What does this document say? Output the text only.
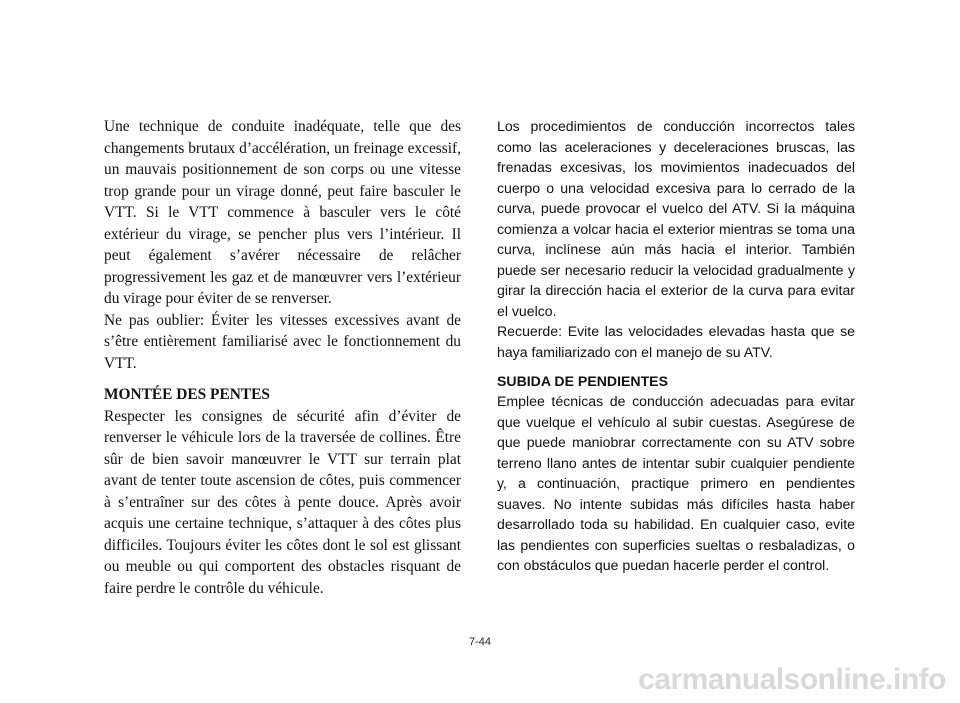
Une technique de conduite inadéquate, telle que des changements brutaux d’accélération, un freinage excessif, un mauvais positionnement de son corps ou une vitesse trop grande pour un virage donné, peut faire basculer le VTT. Si le VTT commence à basculer vers le côté extérieur du virage, se pencher plus vers l’intérieur. Il peut également s’avérer nécessaire de relâcher progressivement les gaz et de manœuvrer vers l’extérieur du virage pour éviter de se renverser.

Ne pas oublier: Éviter les vitesses excessives avant de s’être entièrement familiarisé avec le fonctionnement du VTT.

MONTÉE DES PENTES

Respecter les consignes de sécurité afin d’éviter de renverser le véhicule lors de la traversée de collines. Être sûr de bien savoir manœuvrer le VTT sur terrain plat avant de tenter toute ascension de côtes, puis commencer à s’entraîner sur des côtes à pente douce. Après avoir acquis une certaine technique, s’attaquer à des côtes plus difficiles. Toujours éviter les côtes dont le sol est glissant ou meuble ou qui comportent des obstacles risquant de faire perdre le contrôle du véhicule.

Los procedimientos de conducción incorrectos tales como las aceleraciones y deceleraciones bruscas, las frenadas excesivas, los movimientos inadecuados del cuerpo o una velocidad excesiva para lo cerrado de la curva, puede provocar el vuelco del ATV. Si la máquina comienza a volcar hacia el exterior mientras se toma una curva, inclínese aún más hacia el interior. También puede ser necesario reducir la velocidad gradualmente y girar la dirección hacia el exterior de la curva para evitar el vuelco.

Recuerde: Evite las velocidades elevadas hasta que se haya familiarizado con el manejo de su ATV.

SUBIDA DE PENDIENTES

Emplee técnicas de conducción adecuadas para evitar que vuelque el vehículo al subir cuestas. Asegúrese de que puede maniobrar correctamente con su ATV sobre terreno llano antes de intentar subir cualquier pendiente y, a continuación, practique primero en pendientes suaves. No intente subidas más difíciles hasta haber desarrollado toda su habilidad. En cualquier caso, evite las pendientes con superficies sueltas o resbaladizas, o con obstáculos que puedan hacerle perder el control.

7-44
carmanualsonline.info
